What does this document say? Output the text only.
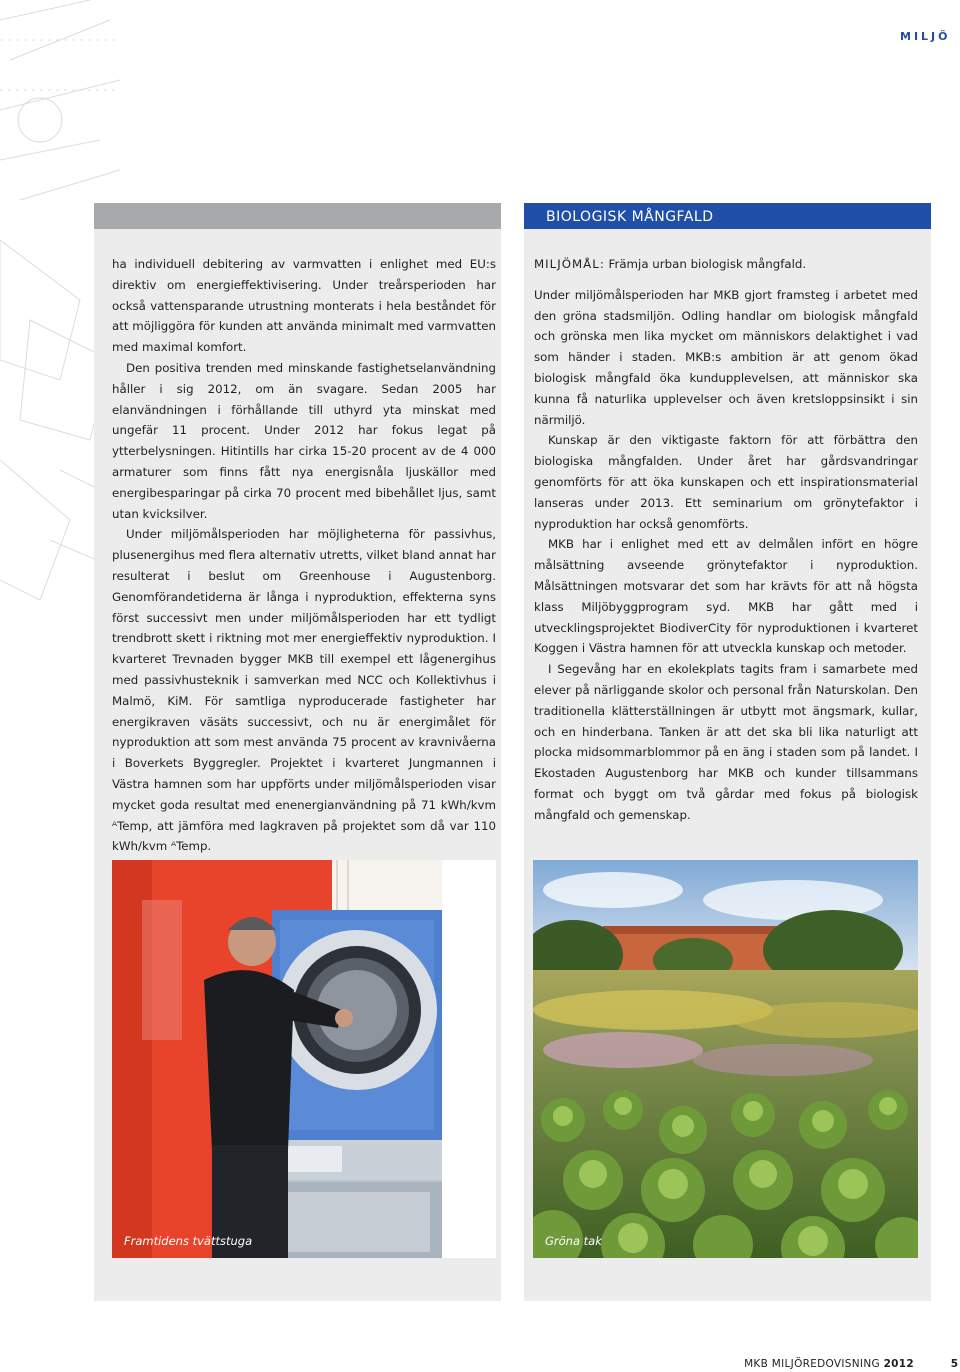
MILJÖ
BIOLOGISK MÅNGFALD

ha individuell debitering av varmvatten i enlighet med EU:s direktiv om energieffektivisering. Under treårsperioden har också vattensparande utrustning monterats i hela beståndet för att möjliggöra för kunden att använda minimalt med varmvatten med maximal komfort.

Den positiva trenden med minskande fastighetselanvändning håller i sig 2012, om än svagare. Sedan 2005 har elanvändningen i förhållande till uthyrd yta minskat med ungefär 11 procent. Under 2012 har fokus legat på ytterbelysningen. Hitintills har cirka 15-20 procent av de 4 000 armaturer som finns fått nya energisnåla ljuskällor med energibesparingar på cirka 70 procent med bibehållet ljus, samt utan kvicksilver.

Under miljömålsperioden har möjligheterna för passivhus, plusenergihus med flera alternativ utretts, vilket bland annat har resulterat i beslut om Greenhouse i Augustenborg. Genomförandetiderna är långa i nyproduktion, effekterna syns först successivt men under miljömålsperioden har ett tydligt trendbrott skett i riktning mot mer energieffektiv nyproduktion. I kvarteret Trevnaden bygger MKB till exempel ett lågenergihus med passivhusteknik i samverkan med NCC och Kollektivhus i Malmö, KiM. För samtliga nyproducerade fastigheter har energikraven väsäts successivt, och nu är energimålet för nyproduktion att som mest använda 75 procent av kravnivåerna i Boverkets Byggregler. Projektet i kvarteret Jungmannen i Västra hamnen som har uppförts under miljömålsperioden visar mycket goda resultat med enenergianvändning på 71 kWh/kvm ᴬTemp, att jämföra med lagkraven på projektet som då var 110 kWh/kvm ᴬTemp.

MILJÖMÅL: Främja urban biologisk mångfald.

Under miljömålsperioden har MKB gjort framsteg i arbetet med den gröna stadsmiljön. Odling handlar om biologisk mångfald och grönska men lika mycket om människors delaktighet i vad som händer i staden. MKB:s ambition är att genom ökad biologisk mångfald öka kundupplevelsen, att människor ska kunna få naturlika upplevelser och även kretsloppsinsikt i sin närmiljö.

Kunskap är den viktigaste faktorn för att förbättra den biologiska mångfalden. Under året har gårdsvandringar genomförts för att öka kunskapen och ett inspirationsmaterial lanseras under 2013. Ett seminarium om grönytefaktor i nyproduktion har också genomförts.

MKB har i enlighet med ett av delmålen infört en högre målsättning avseende grönytefaktor i nyproduktion. Målsättningen motsvarar det som har krävts för att nå högsta klass Miljöbyggprogram syd. MKB har gått med i utvecklingsprojektet BiodiverCity för nyproduktionen i kvarteret Koggen i Västra hamnen för att utveckla kunskap och metoder.

I Segevång har en ekolekplats tagits fram i samarbete med elever på närliggande skolor och personal från Naturskolan. Den traditionella klätterställningen är utbytt mot ängsmark, kullar, och en hinderbana. Tanken är att det ska bli lika naturligt att plocka midsommarblommor på en äng i staden som på landet. I Ekostaden Augustenborg har MKB och kunder tillsammans format och byggt om två gårdar med fokus på biologisk mångfald och gemenskap.

Framtidens tvättstuga	Gröna tak
MKB MILJÖREDOVISNING 2012	5
